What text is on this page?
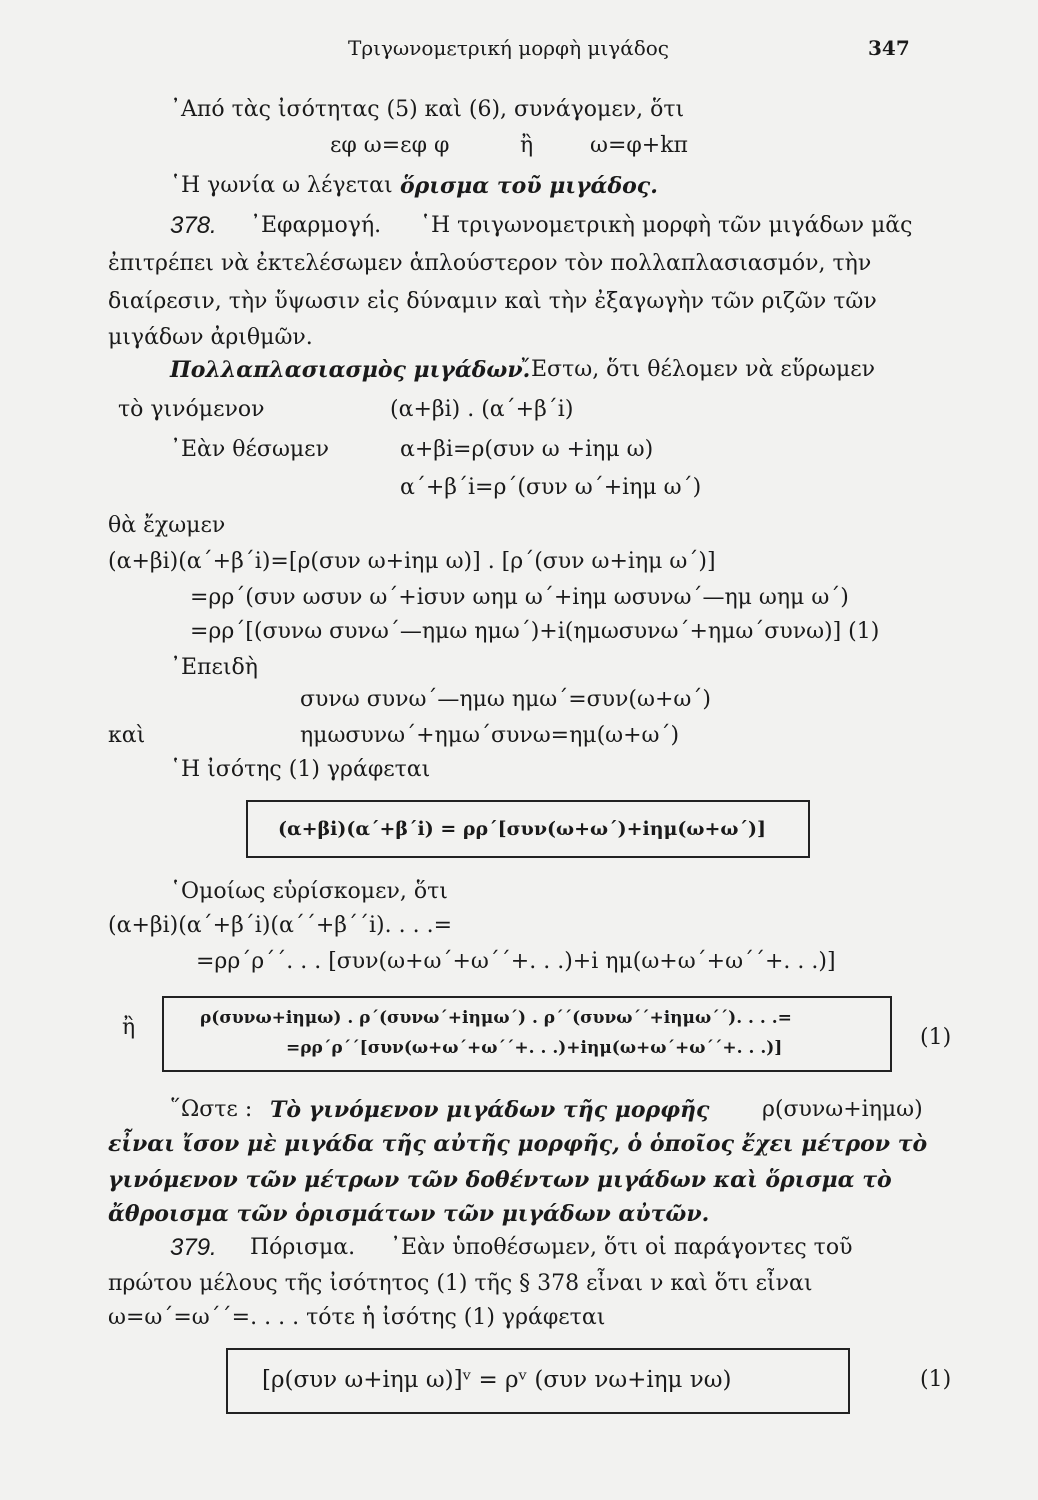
Τριγωνομετρική μορφὴ μιγάδος	347
᾿Από τὰς ἰσότητας (5) καὶ (6), συνάγομεν, ὅτι
εφ ω=εφ φ	ἢ	ω=φ+kπ
῾Η γωνία ω λέγεται ὅρισμα τοῦ μιγάδος.
378. ᾿Εφαρμογή. ῾Η τριγωνομετρικὴ μορφὴ τῶν μιγάδων μᾶς
ἐπιτρέπει νὰ ἐκτελέσωμεν ἁπλούστερον τὸν πολλαπλασιασμόν, τὴν
διαίρεσιν, τὴν ὕψωσιν εἰς δύναμιν καὶ τὴν ἐξαγωγὴν τῶν ριζῶν τῶν
μιγάδων ἀριθμῶν.
Πολλαπλασιασμὸς μιγάδων.
῎Εστω, ὅτι θέλομεν νὰ εὕρωμεν
τὸ γινόμενον	(α+βi) . (α΄+β΄i)
᾿Εὰν θέσωμεν	α+βi=ρ(συν ω +iημ ω)
α΄+β΄i=ρ΄(συν ω΄+iημ ω΄)
θὰ ἔχωμεν
(α+βi)(α΄+β΄i)=[ρ(συν ω+iημ ω)] . [ρ΄(συν ω+iημ ω΄)]
=ρρ΄(συν ωσυν ω΄+iσυν ωημ ω΄+iημ ωσυνω΄—ημ ωημ ω΄)
=ρρ΄[(συνω συνω΄—ημω ημω΄)+i(ημωσυνω΄+ημω΄συνω)] (1)
᾿Επειδὴ
συνω συνω΄—ημω ημω΄=συν(ω+ω΄)
καὶ	ημωσυνω΄+ημω΄συνω=ημ(ω+ω΄)
῾Η ἰσότης (1) γράφεται
(α+βi)(α΄+β΄i) = ρρ΄[συν(ω+ω΄)+iημ(ω+ω΄)]
῾Ομοίως εὑρίσκομεν, ὅτι
(α+βi)(α΄+β΄i)(α΄΄+β΄΄i). . . .=
=ρρ΄ρ΄΄. . . [συν(ω+ω΄+ω΄΄+. . .)+i ημ(ω+ω΄+ω΄΄+. . .)]
ἢ	ρ(συνω+iημω) . ρ΄(συνω΄+iημω΄) . ρ΄΄(συνω΄΄+iημω΄΄). . . .=
=ρρ΄ρ΄΄[συν(ω+ω΄+ω΄΄+. . .)+iημ(ω+ω΄+ω΄΄+. . .)]	(1)
῞Ωστε : Τὸ γινόμενον μιγάδων τῆς μορφῆς ρ(συνω+iημω)
εἶναι ἴσον μὲ μιγάδα τῆς αὐτῆς μορφῆς, ὁ ὁποῖος ἔχει μέτρον τὸ
γινόμενον τῶν μέτρων τῶν δοθέντων μιγάδων καὶ ὅρισμα τὸ
ἄθροισμα τῶν ὁρισμάτων τῶν μιγάδων αὐτῶν.
379. Πόρισμα. ᾿Εὰν ὑποθέσωμεν, ὅτι οἱ παράγοντες τοῦ
πρώτου μέλους τῆς ἰσότητος (1) τῆς § 378 εἶναι ν καὶ ὅτι εἶναι
ω=ω΄=ω΄΄=. . . . τότε ἡ ἰσότης (1) γράφεται
[ρ(συν ω+iημ ω)]ᵛ = ρᵛ (συν νω+iημ νω)	(1)
